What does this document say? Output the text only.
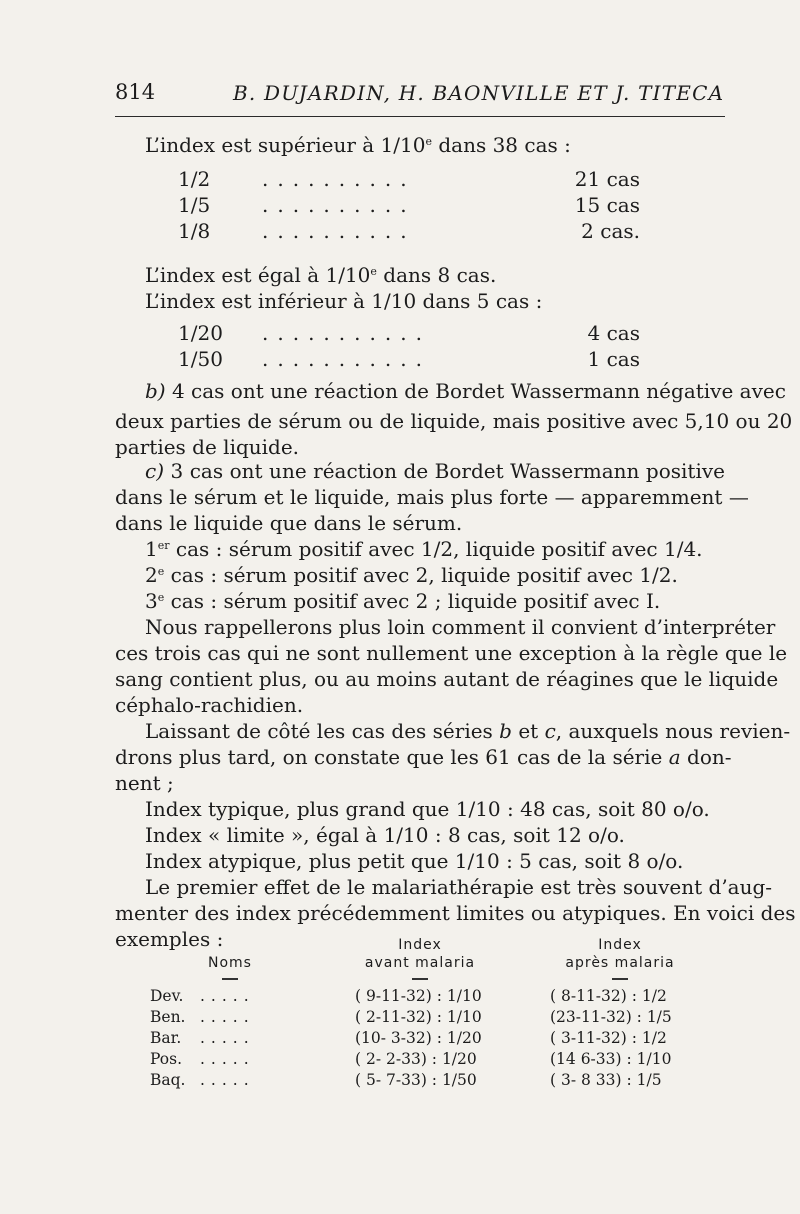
814	B. DUJARDIN, H. BAONVILLE ET J. TITECA
L’index est supérieur à 1/10e dans 38 cas :
1/2	..........	21 cas
1/5	..........	15 cas
1/8	..........	2 cas.
L’index est égal à 1/10e dans 8 cas.
L’index est inférieur à 1/10 dans 5 cas :
1/20 ...........	4 cas
1/50 ...........	1 cas
b) 4 cas ont une réaction de Bordet Wassermann négative avec
deux parties de sérum ou de liquide, mais positive avec 5,10 ou 20
parties de liquide.
c) 3 cas ont une réaction de Bordet Wassermann positive
dans le sérum et le liquide, mais plus forte — apparemment —
dans le liquide que dans le sérum.
1er cas : sérum positif avec 1/2, liquide positif avec 1/4.
2e cas : sérum positif avec 2, liquide positif avec 1/2.
3e cas : sérum positif avec 2 ; liquide positif avec I.
Nous rappellerons plus loin comment il convient d’interpréter
ces trois cas qui ne sont nullement une exception à la règle que le
sang contient plus, ou au moins autant de réagines que le liquide
céphalo-rachidien.
Laissant de côté les cas des séries b et c, auxquels nous revien-
drons plus tard, on constate que les 61 cas de la série a don-
nent ;
Index typique, plus grand que 1/10 : 48 cas, soit 80 o/o.
Index « limite », égal à 1/10 : 8 cas, soit 12 o/o.
Index atypique, plus petit que 1/10 : 5 cas, soit 8 o/o.
Le premier effet de le malariathérapie est très souvent d’aug-
menter des index précédemment limites ou atypiques. En voici des
exemples :
Noms
Index
avant malaria
Index
après malaria
Dev. .....	( 9-11-32) : 1/10	( 8-11-32) : 1/2
Ben. .....	( 2-11-32) : 1/10	(23-11-32) : 1/5
Bar. .....	(10- 3-32) : 1/20	( 3-11-32) : 1/2
Pos. .....	( 2- 2-33) : 1/20	(14 6-33) : 1/10
Baq. .....	( 5- 7-33) : 1/50	( 3- 8 33) : 1/5
